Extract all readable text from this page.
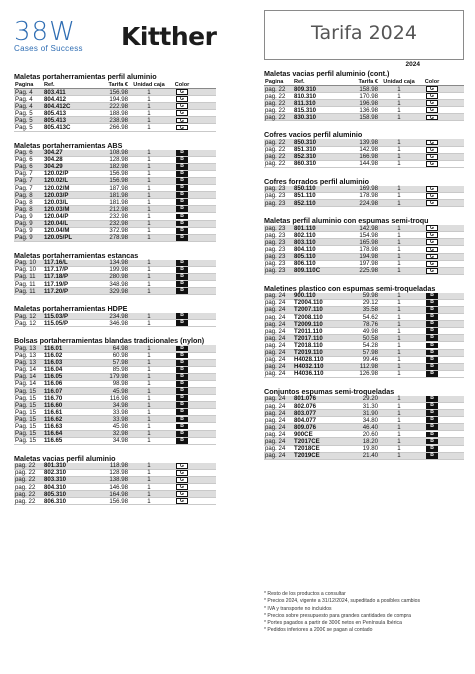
38W
Cases of Success	Kitther	Tarifa 2024
Maletas portaherramientas perfil aluminio
Pagina	Ref.	Tarifa € Unidad caja	Color
Pag. 4	803.411	156.98	1	G
Pag. 4	804.412	194.98	1	G
Pag. 4	804.412C	222.98	1	G
Pag. 5	805.413	188.98	1	G
Pag. 5	805.413	238.98	1	G
Pag. 5	805.413C	266.98	1	G
Maletas portaherramientas ABS
Pag. 6	304.27	108.98	1	B
Pag. 6	304.28	128.98	1	B
Pag. 6	304.29	182.98	1	B
Pag. 7	120.02/P	156.98	1	B
Pag. 7	120.02/L	156.98	1	B
Pag. 7	120.02/M	187.98	1	B
Pag. 8	120.03/P	181.98	1	B
Pag. 8	120.03/L	181.98	1	B
Pag. 8	120.03/M	212.98	1	B
Pag. 9	120.04/P	232.98	1	B
Pag. 9	120.04/L	232.98	1	B
Pag. 9	120.04/M	372.98	1	B
Pag. 9	120.05/PL	278.98	1	B
Maletas portaherramientas estancas
Pag. 10	117.16/L	134.98	1	B
Pag. 10	117.17/P	199.98	1	B
Pag. 11	117.18/P	280.98	1	B
Pag. 11	117.19/P	348.98	1	B
Pag. 11	117.20/P	329.98	1	B
Maletas portaherramientas HDPE
Pag. 12	115.03/P	234.98	1	B
Pag. 12	115.05/P	346.98	1	B
Bolsas portaherramientas blandas tradicionales (nylon)
Pag. 13	116.01	64.98	1	B
Pag. 13	116.02	60.98	1	B
Pag. 13	116.03	57.98	1	B
Pag. 14	116.04	85.98	1	B
Pag. 14	116.05	179.98	1	B
Pag. 14	116.06	98.98	1	B
Pag. 15	116.07	45.98	1	B
Pag. 15	116.70	116.98	1	B
Pag. 15	116.60	34.98	1	B
Pag. 15	116.61	33.98	1	B
Pag. 15	116.62	33.98	1	B
Pag. 15	116.63	45.98	1	B
Pag. 15	116.64	32.98	1	B
Pag. 15	116.65	34.98	1	B
Maletas vacias perfil aluminio
pag. 22	801.310	118.98	1	G
pag. 22	802.310	128.98	1	G
pag. 22	803.310	138.98	1	G
pag. 22	804.310	146.98	1	G
pag. 22	805.310	164.98	1	G
pag. 22	806.310	156.98	1	G
2024
Maletas vacias perfil aluminio (cont.)
Pagina	Ref.	Tarifa € Unidad caja	Color
pag. 22	809.310	158.98	1	G
pag. 22	810.310	170.98	1	G
pag. 22	811.310	196.98	1	G
pag. 22	815.310	136.98	1	G
pag. 22	830.310	158.98	1	G
Cofres vacios perfil aluminio
pag. 22	850.310	139.98	1	G
pag. 22	851.310	142.98	1	G
pag. 22	852.310	166.98	1	G
pag. 22	860.310	144.98	1	G
Cofres forrados perfil aluminio
pag. 23	850.110	169.98	1	G
pag. 23	851.110	178.98	1	G
pag. 23	852.110	224.98	1	G
Maletas perfil aluminio con espumas semi-troqu
pag. 23	801.110	142.98	1	G
pag. 23	802.110	154.98	1	G
pag. 23	803.110	165.98	1	G
pag. 23	804.110	178.98	1	G
pag. 23	805.110	194.98	1	G
pag. 23	806.110	197.98	1	G
pag. 23	809.110C	225.98	1	G
Maletines plastico con espumas semi-troqueladas
pag. 24	900.110	59.98	1	B
pag. 24	T2004.110	29.12	1	B
pag. 24	T2007.110	35.58	1	B
pag. 24	T2008.110	54.62	1	B
pag. 24	T2009.110	78.76	1	B
pag. 24	T2011.110	49.98	1	B
pag. 24	T2017.110	50.58	1	B
pag. 24	T2018.110	54.28	1	B
pag. 24	T2019.110	57.98	1	B
pag. 24	H4028.110	99.46	1	B
pag. 24	H4032.110	112.98	1	B
pag. 24	H4036.110	126.98	1	B
Conjuntos espumas semi-troqueladas
pag. 24	801.076	29.20	1	B
pag. 24	802.076	31.30	1	B
pag. 24	803.077	31.90	1	B
pag. 24	804.077	34.80	1	B
pag. 24	809.076	46.40	1	B
pag. 24	900CE	20.60	1	B
pag. 24	T2017CE	18.20	1	B
pag. 24	T2018CE	19.80	1	B
pag. 24	T2019CE	21.40	1	B
* Resto de los productos a consultar
* Precios 2024, vigente a 31/12/2024, supeditado a posibles cambios
* IVA y transporte no incluidos
* Precios sobre presupuesto para grandes cantidades de compra
* Portes pagados a partir de 300€ netos en Península Ibérica
* Pedidos inferiores a 200€ se pagan al contado
